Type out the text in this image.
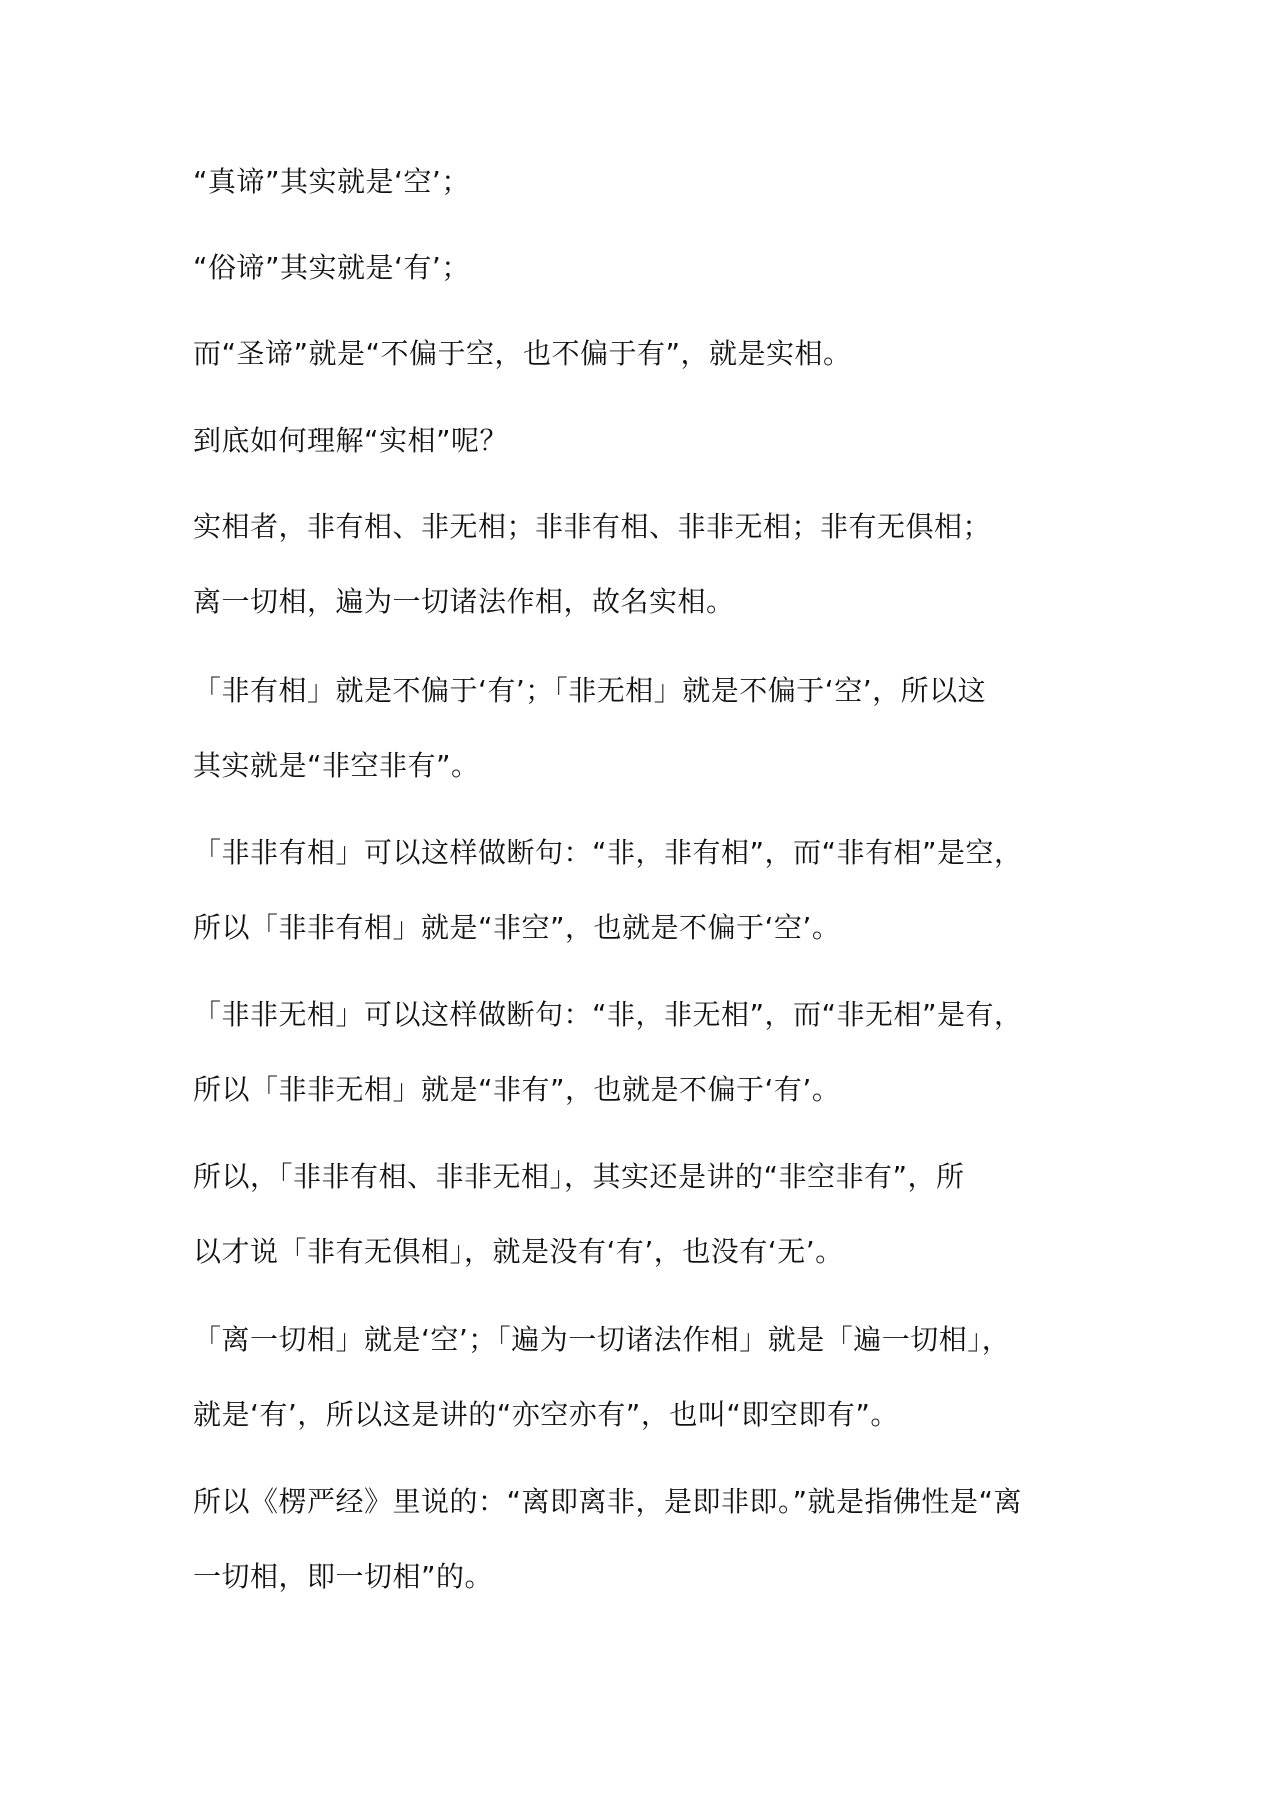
“真谛”其实就是‘空’；
“俗谛”其实就是‘有’；
而“圣谛”就是“不偏于空，也不偏于有”，就是实相。
到底如何理解“实相”呢？
实相者，非有相、非无相；非非有相、非非无相；非有无俱相；
离一切相，遍为一切诸法作相，故名实相。
「非有相」就是不偏于‘有’；「非无相」就是不偏于‘空’，所以这
其实就是“非空非有”。
「非非有相」可以这样做断句：“非，非有相”，而“非有相”是空，
所以「非非有相」就是“非空”，也就是不偏于‘空’。
「非非无相」可以这样做断句：“非，非无相”，而“非无相”是有，
所以「非非无相」就是“非有”，也就是不偏于‘有’。
所以，「非非有相、非非无相」，其实还是讲的“非空非有”，所
以才说「非有无俱相」，就是没有‘有’，也没有‘无’。
「离一切相」就是‘空’；「遍为一切诸法作相」就是「遍一切相」，
就是‘有’，所以这是讲的“亦空亦有”，也叫“即空即有”。
所以《楞严经》里说的：“离即离非，是即非即。”就是指佛性是“离
一切相，即一切相”的。
